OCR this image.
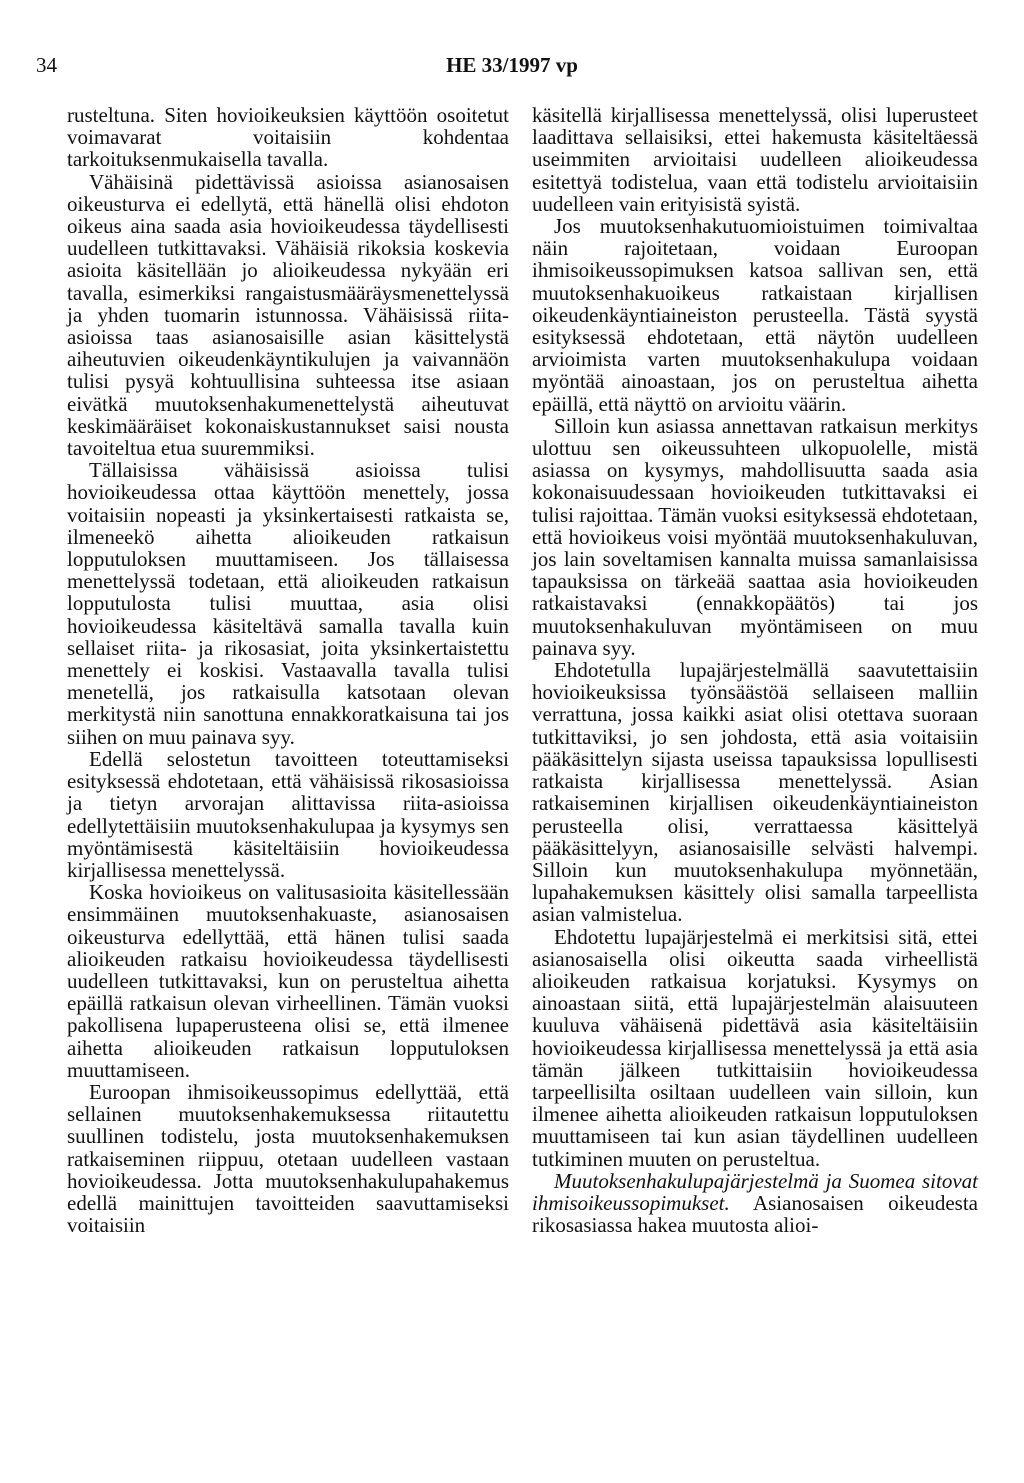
34	HE 33/1997 vp

rusteltuna. Siten hovioikeuksien käyttöön osoitetut voimavarat voitaisiin kohdentaa tarkoituksenmukaisella tavalla.

Vähäisinä pidettävissä asioissa asianosaisen oikeusturva ei edellytä, että hänellä olisi ehdoton oikeus aina saada asia hovioikeudessa täydellisesti uudelleen tutkittavaksi. Vähäisiä rikoksia koskevia asioita käsitellään jo alioikeudessa nykyään eri tavalla, esimerkiksi rangaistusmääräysmenettelyssä ja yhden tuomarin istunnossa. Vähäisissä riita-asioissa taas asianosaisille asian käsittelystä aiheutuvien oikeudenkäyntikulujen ja vaivannäön tulisi pysyä kohtuullisina suhteessa itse asiaan eivätkä muutoksenhakumenettelystä aiheutuvat keskimääräiset kokonaiskustannukset saisi nousta tavoiteltua etua suuremmiksi.

Tällaisissa vähäisissä asioissa tulisi hovioikeudessa ottaa käyttöön menettely, jossa voitaisiin nopeasti ja yksinkertaisesti ratkaista se, ilmeneekö aihetta alioikeuden ratkaisun lopputuloksen muuttamiseen. Jos tällaisessa menettelyssä todetaan, että alioikeuden ratkaisun lopputulosta tulisi muuttaa, asia olisi hovioikeudessa käsiteltävä samalla tavalla kuin sellaiset riita- ja rikosasiat, joita yksinkertaistettu menettely ei koskisi. Vastaavalla tavalla tulisi menetellä, jos ratkaisulla katsotaan olevan merkitystä niin sanottuna ennakkoratkaisuna tai jos siihen on muu painava syy.

Edellä selostetun tavoitteen toteuttamiseksi esityksessä ehdotetaan, että vähäisissä rikosasioissa ja tietyn arvorajan alittavissa riita-asioissa edellytettäisiin muutoksenhakulupaa ja kysymys sen myöntämisestä käsiteltäisiin hovioikeudessa kirjallisessa menettelyssä.

Koska hovioikeus on valitusasioita käsitellessään ensimmäinen muutoksenhakuaste, asianosaisen oikeusturva edellyttää, että hänen tulisi saada alioikeuden ratkaisu hovioikeudessa täydellisesti uudelleen tutkittavaksi, kun on perusteltua aihetta epäillä ratkaisun olevan virheellinen. Tämän vuoksi pakollisena lupaperusteena olisi se, että ilmenee aihetta alioikeuden ratkaisun lopputuloksen muuttamiseen.

Euroopan ihmisoikeussopimus edellyttää, että sellainen muutoksenhakemuksessa riitautettu suullinen todistelu, josta muutoksenhakemuksen ratkaiseminen riippuu, otetaan uudelleen vastaan hovioikeudessa. Jotta muutoksenhakulupahakemus edellä mainittujen tavoitteiden saavuttamiseksi voitaisiin

käsitellä kirjallisessa menettelyssä, olisi luperusteet laadittava sellaisiksi, ettei hakemusta käsiteltäessä useimmiten arvioitaisi uudelleen alioikeudessa esitettyä todistelua, vaan että todistelu arvioitaisiin uudelleen vain erityisistä syistä.

Jos muutoksenhakutuomioistuimen toimivaltaa näin rajoitetaan, voidaan Euroopan ihmisoikeussopimuksen katsoa sallivan sen, että muutoksenhakuoikeus ratkaistaan kirjallisen oikeudenkäyntiaineiston perusteella. Tästä syystä esityksessä ehdotetaan, että näytön uudelleen arvioimista varten muutoksenhakulupa voidaan myöntää ainoastaan, jos on perusteltua aihetta epäillä, että näyttö on arvioitu väärin.

Silloin kun asiassa annettavan ratkaisun merkitys ulottuu sen oikeussuhteen ulkopuolelle, mistä asiassa on kysymys, mahdollisuutta saada asia kokonaisuudessaan hovioikeuden tutkittavaksi ei tulisi rajoittaa. Tämän vuoksi esityksessä ehdotetaan, että hovioikeus voisi myöntää muutoksenhakuluvan, jos lain soveltamisen kannalta muissa samanlaisissa tapauksissa on tärkeää saattaa asia hovioikeuden ratkaistavaksi (ennakkopäätös) tai jos muutoksenhakuluvan myöntämiseen on muu painava syy.

Ehdotetulla lupajärjestelmällä saavutettaisiin hovioikeuksissa työnsäästöä sellaiseen malliin verrattuna, jossa kaikki asiat olisi otettava suoraan tutkittaviksi, jo sen johdosta, että asia voitaisiin pääkäsittelyn sijasta useissa tapauksissa lopullisesti ratkaista kirjallisessa menettelyssä. Asian ratkaiseminen kirjallisen oikeudenkäyntiaineiston perusteella olisi, verrattaessa käsittelyä pääkäsittelyyn, asianosaisille selvästi halvempi. Silloin kun muutoksenhakulupa myönnetään, lupahakemuksen käsittely olisi samalla tarpeellista asian valmistelua.

Ehdotettu lupajärjestelmä ei merkitsisi sitä, ettei asianosaisella olisi oikeutta saada virheellistä alioikeuden ratkaisua korjatuksi. Kysymys on ainoastaan siitä, että lupajärjestelmän alaisuuteen kuuluva vähäisenä pidettävä asia käsiteltäisiin hovioikeudessa kirjallisessa menettelyssä ja että asia tämän jälkeen tutkittaisiin hovioikeudessa tarpeellisilta osiltaan uudelleen vain silloin, kun ilmenee aihetta alioikeuden ratkaisun lopputuloksen muuttamiseen tai kun asian täydellinen uudelleen tutkiminen muuten on perusteltua.

Muutoksenhakulupajärjestelmä ja Suomea sitovat ihmisoikeussopimukset. Asianosaisen oikeudesta rikosasiassa hakea muutosta alioi-
